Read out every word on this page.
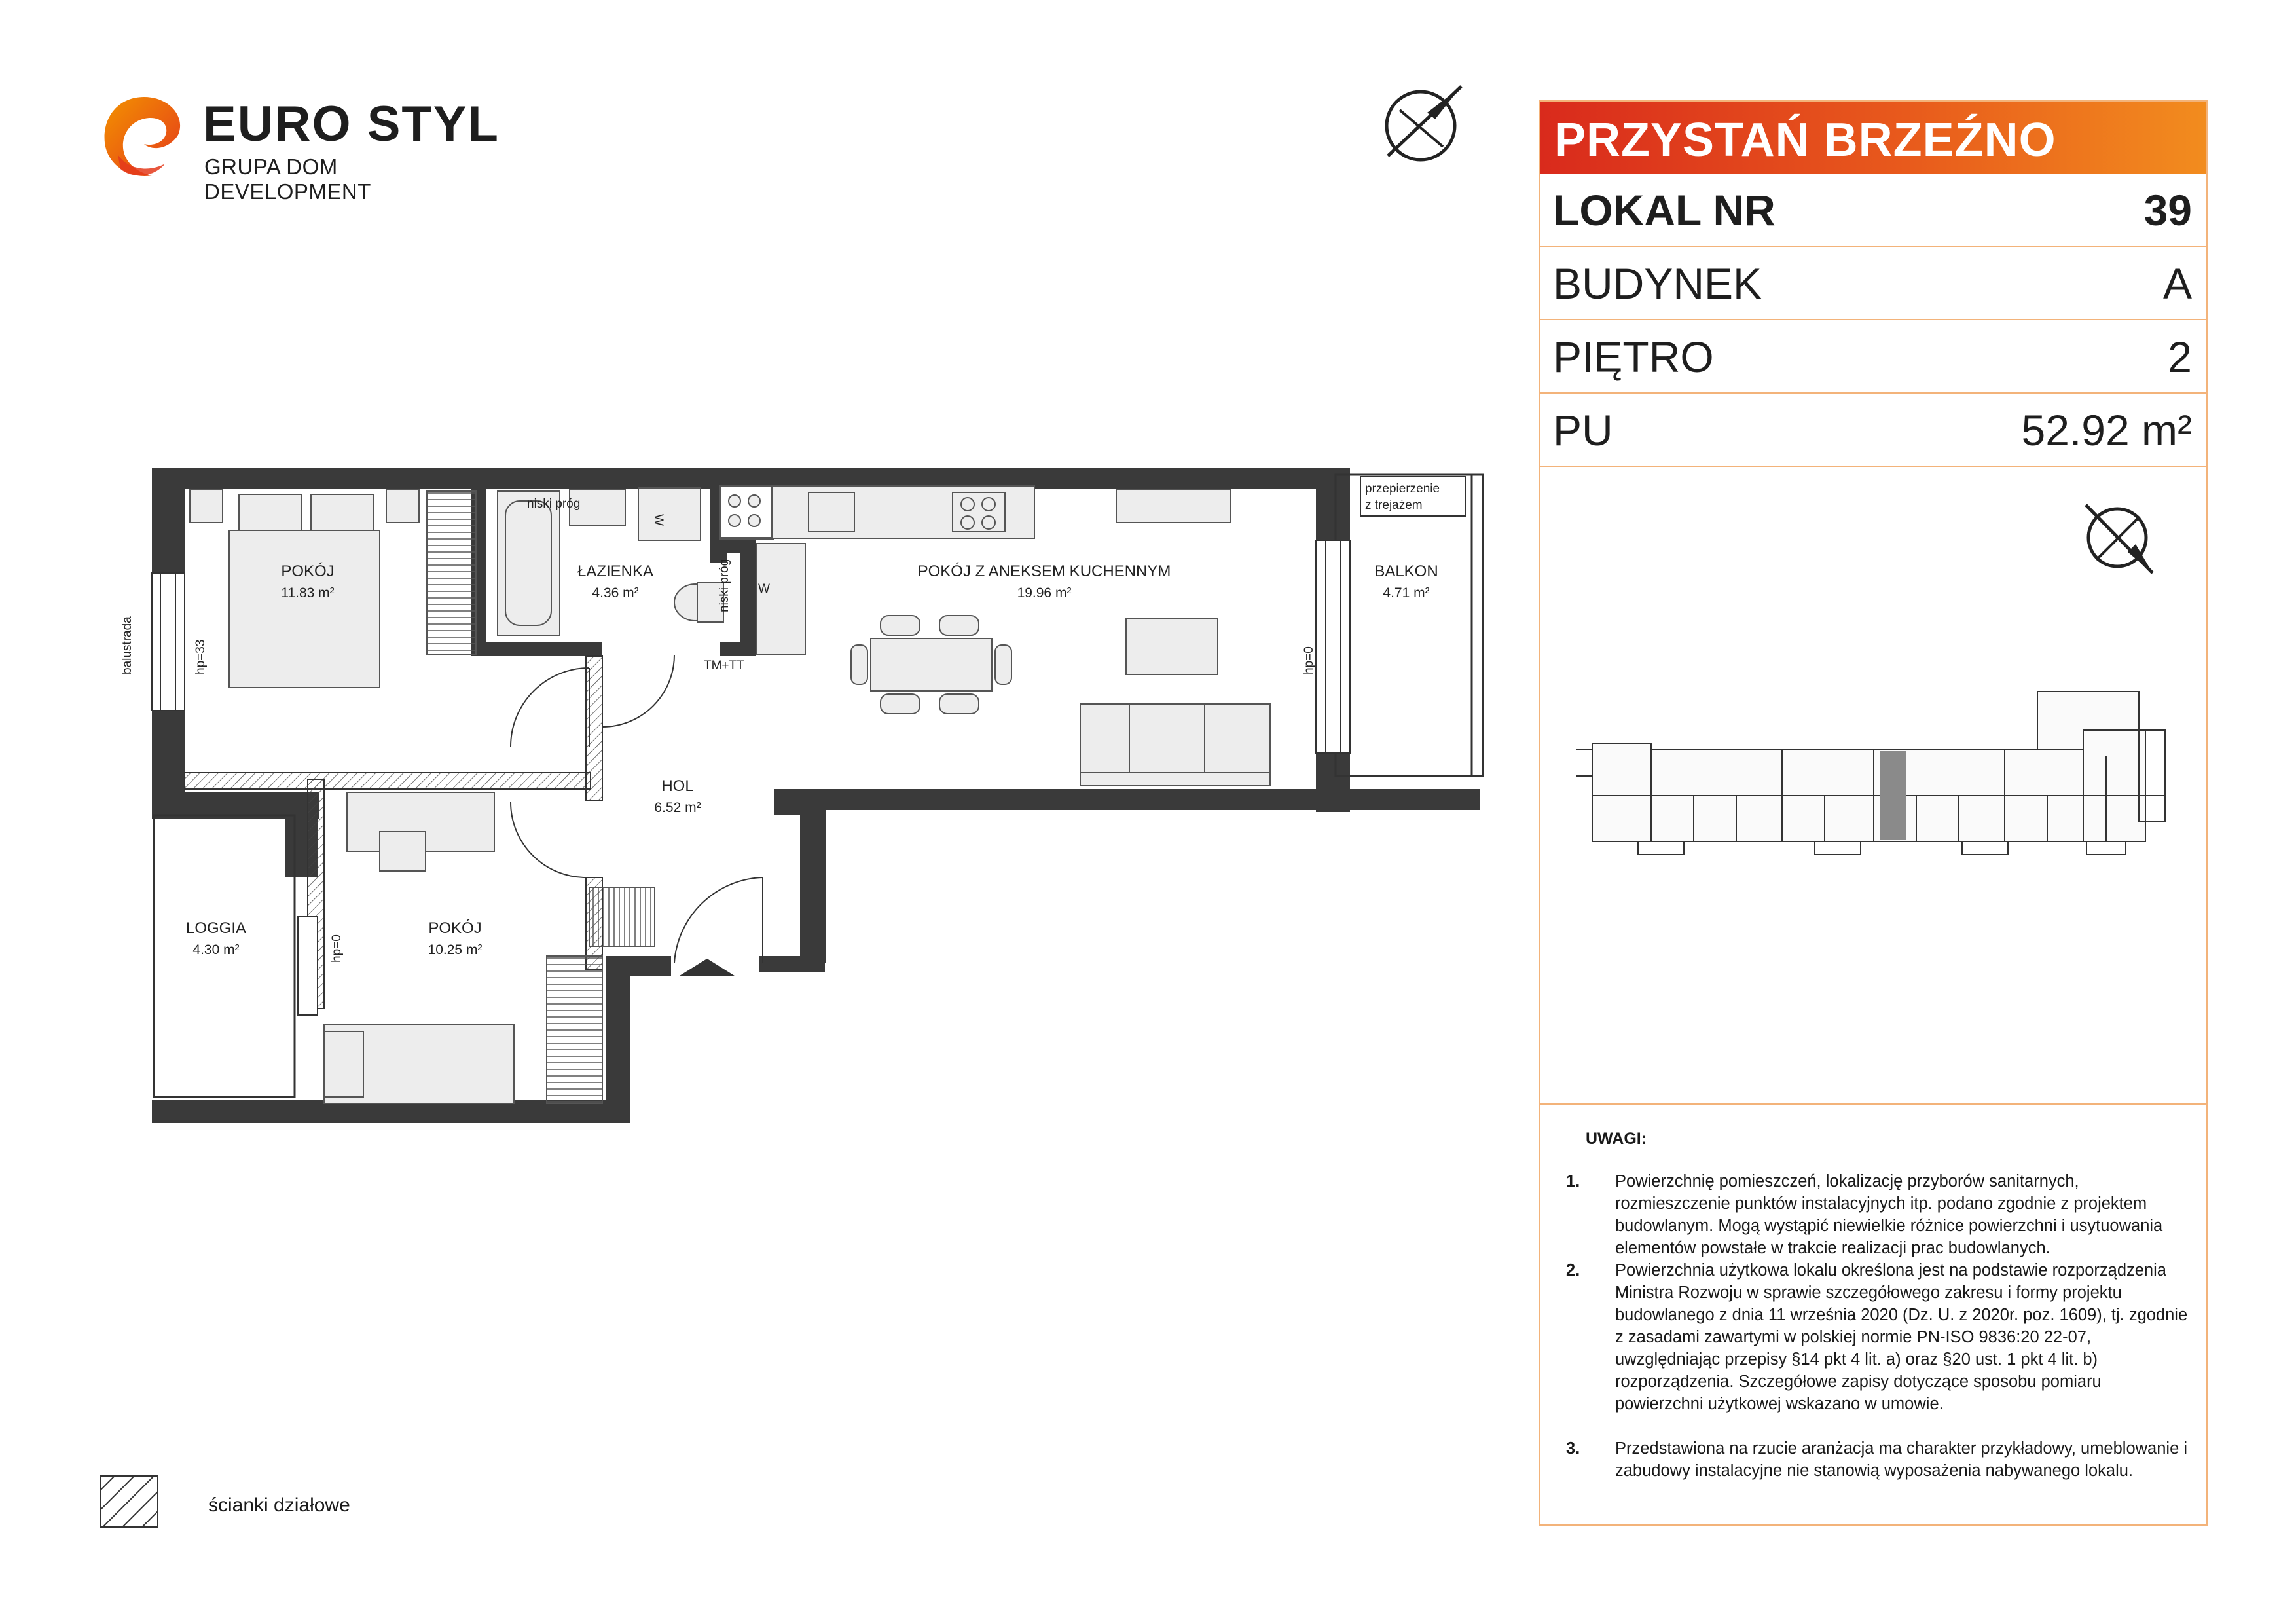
EURO STYL
GRUPA DOM DEVELOPMENT
POKÓJ
11.83 m²
ŁAZIENKA
4.36 m²
POKÓJ Z ANEKSEM KUCHENNYM
19.96 m²
BALKON
4.71 m²
HOL
6.52 m²
LOGGIA
4.30 m²
POKÓJ
10.25 m²
balustrada	hp=33	hp=0
hp=0
niski próg
niski próg
W
W
TM+TT
przepierzenie
z trejażem
PRZYSTAŃ BRZEŹNO
LOKAL NR	39
BUDYNEK	A
PIĘTRO	2
PU	52.92 m²
UWAGI:
1. Powierzchnię pomieszczeń, lokalizację przyborów sanitarnych, rozmieszczenie punktów instalacyjnych itp. podano zgodnie z projektem budowlanym. Mogą wystąpić niewielkie różnice powierzchni i usytuowania elementów powstałe w trakcie realizacji prac budowlanych.
2. Powierzchnia użytkowa lokalu określona jest na podstawie rozporządzenia Ministra Rozwoju w sprawie szczegółowego zakresu i formy projektu budowlanego z dnia 11 września 2020 (Dz. U. z 2020r. poz. 1609), tj. zgodnie z zasadami zawartymi w polskiej normie PN-ISO 9836:20 22-07, uwzględniając przepisy §14 pkt 4 lit. a) oraz §20 ust. 1 pkt 4 lit. b) rozporządzenia. Szczegółowe zapisy dotyczące sposobu pomiaru powierzchni użytkowej wskazano w umowie.
3. Przedstawiona na rzucie aranżacja ma charakter przykładowy, umeblowanie i zabudowy instalacyjne nie stanowią wyposażenia nabywanego lokalu.
ścianki działowe
